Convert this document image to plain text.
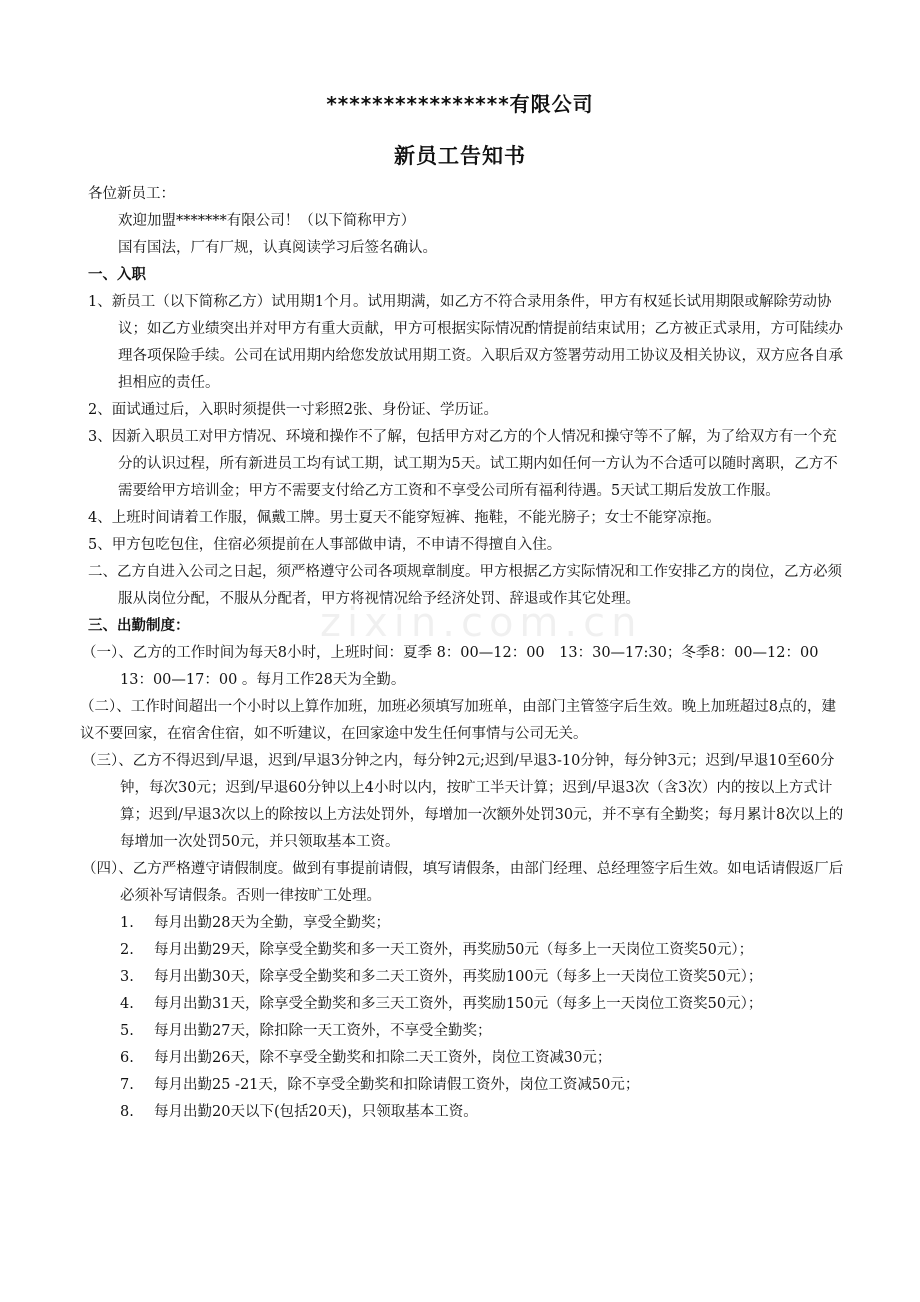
****************有限公司
新员工告知书
zixin.com.cn

各位新员工：

欢迎加盟*******有限公司！（以下简称甲方）

国有国法，厂有厂规，认真阅读学习后签名确认。

一、入职

1、新员工（以下简称乙方）试用期1个月。试用期满，如乙方不符合录用条件，甲方有权延长试用期限或解除劳动协议；如乙方业绩突出并对甲方有重大贡献，甲方可根据实际情况酌情提前结束试用；乙方被正式录用，方可陆续办理各项保险手续。公司在试用期内给您发放试用期工资。入职后双方签署劳动用工协议及相关协议，双方应各自承担相应的责任。

2、面试通过后，入职时须提供一寸彩照2张、身份证、学历证。

3、因新入职员工对甲方情况、环境和操作不了解，包括甲方对乙方的个人情况和操守等不了解，为了给双方有一个充分的认识过程，所有新进员工均有试工期，试工期为5天。试工期内如任何一方认为不合适可以随时离职，乙方不需要给甲方培训金；甲方不需要支付给乙方工资和不享受公司所有福利待遇。5天试工期后发放工作服。

4、上班时间请着工作服，佩戴工牌。男士夏天不能穿短裤、拖鞋，不能光膀子；女士不能穿凉拖。

5、甲方包吃包住，住宿必须提前在人事部做申请，不申请不得擅自入住。

二、乙方自进入公司之日起，须严格遵守公司各项规章制度。甲方根据乙方实际情况和工作安排乙方的岗位，乙方必须服从岗位分配，不服从分配者，甲方将视情况给予经济处罚、辞退或作其它处理。

三、出勤制度：

（一）、乙方的工作时间为每天8小时，上班时间：夏季 8：00—12：00　13：30—17:30；冬季8：00—12：00　13：00—17：00 。每月工作28天为全勤。

（二）、工作时间超出一个小时以上算作加班，加班必须填写加班单，由部门主管签字后生效。晚上加班超过8点的，建议不要回家，在宿舍住宿，如不听建议，在回家途中发生任何事情与公司无关。

（三）、乙方不得迟到/早退，迟到/早退3分钟之内，每分钟2元;迟到/早退3-10分钟，每分钟3元；迟到/早退10至60分钟，每次30元；迟到/早退60分钟以上4小时以内，按旷工半天计算；迟到/早退3次（含3次）内的按以上方式计算；迟到/早退3次以上的除按以上方法处罚外，每增加一次额外处罚30元，并不享有全勤奖；每月累计8次以上的每增加一次处罚50元，并只领取基本工资。

（四）、乙方严格遵守请假制度。做到有事提前请假，填写请假条，由部门经理、总经理签字后生效。如电话请假返厂后必须补写请假条。否则一律按旷工处理。

1.	每月出勤28天为全勤，享受全勤奖；
2.	每月出勤29天，除享受全勤奖和多一天工资外，再奖励50元（每多上一天岗位工资奖50元）；
3.	每月出勤30天，除享受全勤奖和多二天工资外，再奖励100元（每多上一天岗位工资奖50元）；
4.	每月出勤31天，除享受全勤奖和多三天工资外，再奖励150元（每多上一天岗位工资奖50元）；
5.	每月出勤27天，除扣除一天工资外，不享受全勤奖；
6.	每月出勤26天，除不享受全勤奖和扣除二天工资外，岗位工资减30元；
7.	每月出勤25 -21天，除不享受全勤奖和扣除请假工资外，岗位工资减50元；
8.	每月出勤20天以下(包括20天)，只领取基本工资。
